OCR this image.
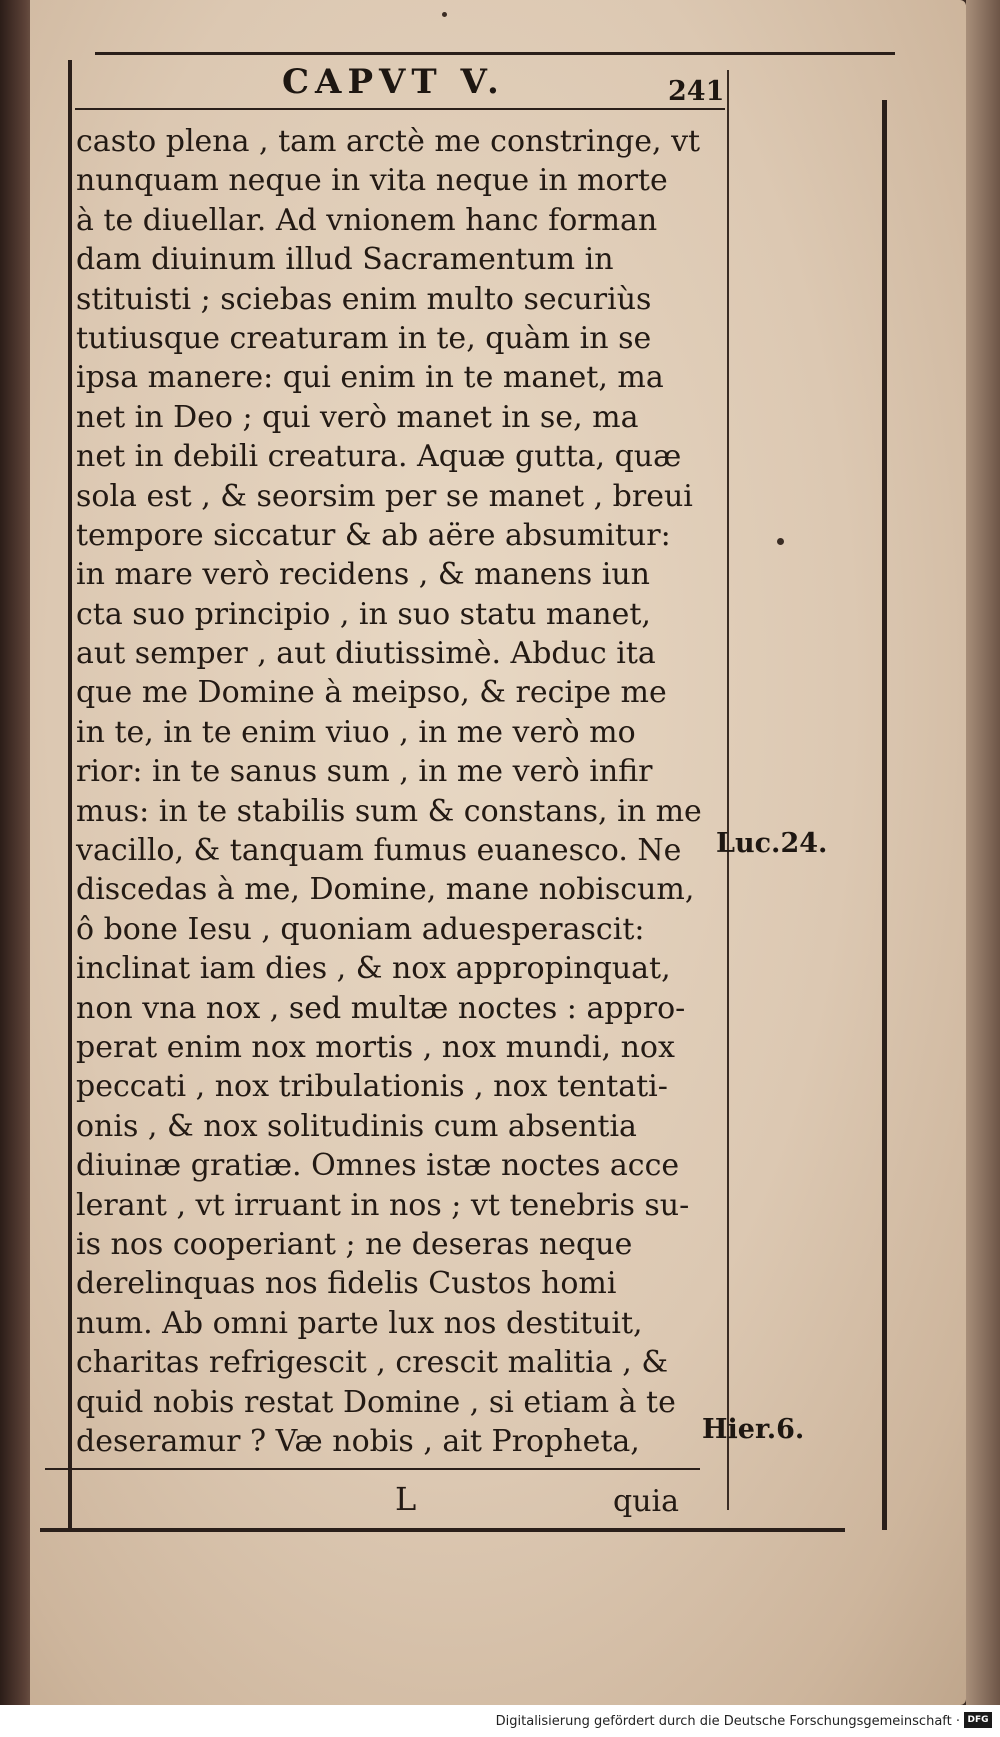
CAPVT V.	241
casto plena , tam arctè me constringe, vt
nunquam neque in vita neque in morte
à te diuellar. Ad vnionem hanc forman
dam diuinum illud Sacramentum in
stituisti ; sciebas enim multo securiùs
tutiusque creaturam in te, quàm in se
ipsa manere: qui enim in te manet, ma
net in Deo ; qui verò manet in se, ma
net in debili creatura. Aquæ gutta, quæ
sola est , & seorsim per se manet , breui
tempore siccatur & ab aëre absumitur:
in mare verò recidens , & manens iun
cta suo principio , in suo statu manet,
aut semper , aut diutissimè. Abduc ita
que me Domine à meipso, & recipe me
in te, in te enim viuo , in me verò mo
rior: in te sanus sum , in me verò infir
mus: in te stabilis sum & constans, in me
vacillo, & tanquam fumus euanesco. Ne
discedas à me, Domine, mane nobiscum,
ô bone Iesu , quoniam aduesperascit:
inclinat iam dies , & nox appropinquat,
non vna nox , sed multæ noctes : appro-
perat enim nox mortis , nox mundi, nox
peccati , nox tribulationis , nox tentati-
onis , & nox solitudinis cum absentia
diuinæ gratiæ. Omnes istæ noctes acce
lerant , vt irruant in nos ; vt tenebris su-
is nos cooperiant ; ne deseras neque
derelinquas nos fidelis Custos homi
num. Ab omni parte lux nos destituit,
charitas refrigescit , crescit malitia , &
quid nobis restat Domine , si etiam à te
deseramur ? Væ nobis , ait Propheta,
Luc.24.
Hier.6.
L	quia
Digitalisierung gefördert durch die Deutsche Forschungsgemeinschaft · DFG
